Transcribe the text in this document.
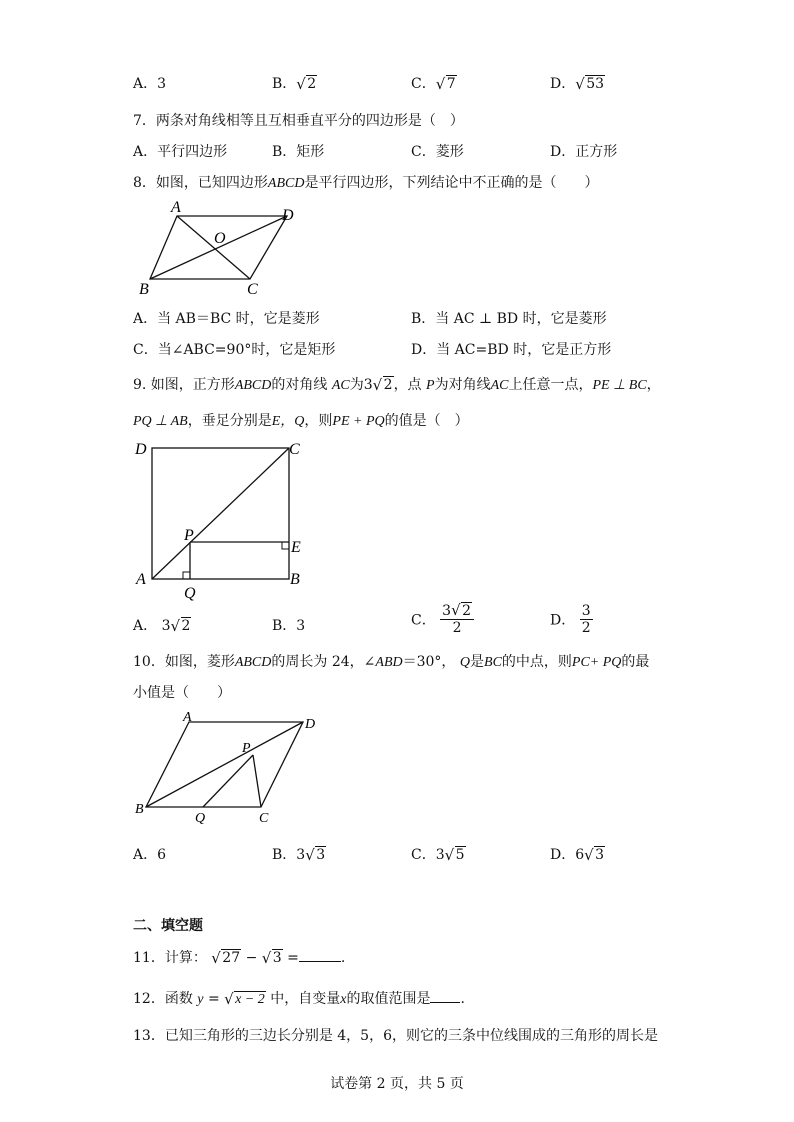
A．3	B． √ 2	C． √ 7	D． √ 53
7．两条对角线相等且互相垂直平分的四边形是（　）
A．平行四边形	B．矩形	C．菱形	D．正方形
8．如图，已知四边形ABCD是平行四边形，下列结论中不正确的是（　　）
A	D
O
B	C
A．当 AB＝BC 时，它是菱形	B．当 AC ⊥ BD 时，它是菱形
C．当∠ABC=90°时，它是矩形	D．当 AC=BD 时，它是正方形
9. 如图，正方形ABCD的对角线 AC为3 √ 2，点 P为对角线AC上任意一点，PE ⊥ BC，
PQ ⊥ AB，垂足分别是E，Q，则PE + PQ的值是（　）
D	C
P
E
A	B
Q
A． 3 √ 2	B．3	C． $\frac{3 √ 2}{2}$	D． $\frac{3}{2}$
10．如图，菱形ABCD的周长为 24，∠ABD＝30°， Q是BC的中点，则PC+ PQ的最
小值是（　　）
A	D
P
B
Q	C
A．6	B．3 √ 3	C．3 √ 5	D．6 √ 3
二、填空题
11．计算： √ 27 − √ 3 =	.
12．函数 y = √ x − 2 中，自变量x的取值范围是 .
13．已知三角形的三边长分别是 4，5，6，则它的三条中位线围成的三角形的周长是
试卷第 2 页，共 5 页
